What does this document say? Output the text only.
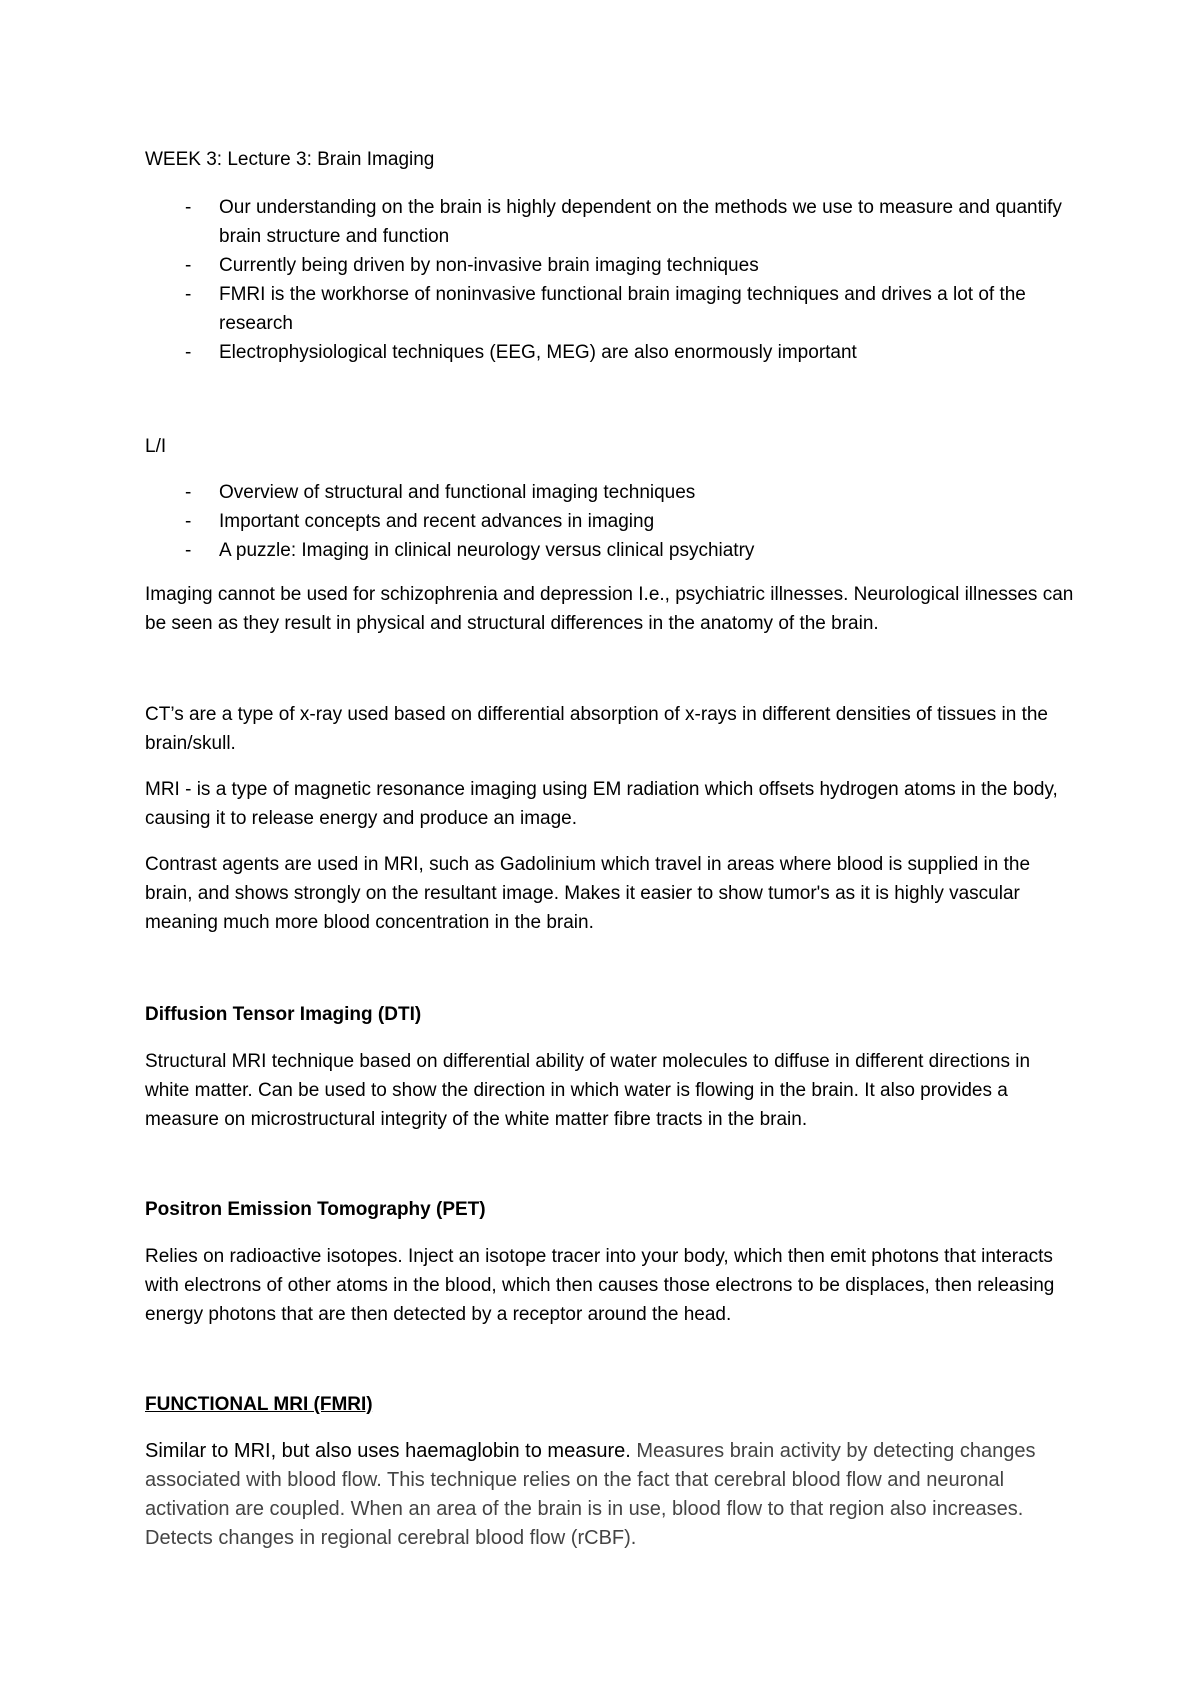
WEEK 3: Lecture 3: Brain Imaging
- Our understanding on the brain is highly dependent on the methods we use to measure and quantify brain structure and function
- Currently being driven by non-invasive brain imaging techniques
- FMRI is the workhorse of noninvasive functional brain imaging techniques and drives a lot of the research
- Electrophysiological techniques (EEG, MEG) are also enormously important
L/I
- Overview of structural and functional imaging techniques
- Important concepts and recent advances in imaging
- A puzzle: Imaging in clinical neurology versus clinical psychiatry
Imaging cannot be used for schizophrenia and depression I.e., psychiatric illnesses. Neurological illnesses can be seen as they result in physical and structural differences in the anatomy of the brain.
CT’s are a type of x-ray used based on differential absorption of x-rays in different densities of tissues in the brain/skull.
MRI - is a type of magnetic resonance imaging using EM radiation which offsets hydrogen atoms in the body, causing it to release energy and produce an image.
Contrast agents are used in MRI, such as Gadolinium which travel in areas where blood is supplied in the brain, and shows strongly on the resultant image. Makes it easier to show tumor's as it is highly vascular meaning much more blood concentration in the brain.
Diffusion Tensor Imaging (DTI)
Structural MRI technique based on differential ability of water molecules to diffuse in different directions in white matter. Can be used to show the direction in which water is flowing in the brain. It also provides a measure on microstructural integrity of the white matter fibre tracts in the brain.
Positron Emission Tomography (PET)
Relies on radioactive isotopes. Inject an isotope tracer into your body, which then emit photons that interacts with electrons of other atoms in the blood, which then causes those electrons to be displaces, then releasing energy photons that are then detected by a receptor around the head.
FUNCTIONAL MRI (FMRI)
Similar to MRI, but also uses haemaglobin to measure. Measures brain activity by detecting changes associated with blood flow. This technique relies on the fact that cerebral blood flow and neuronal activation are coupled. When an area of the brain is in use, blood flow to that region also increases. Detects changes in regional cerebral blood flow (rCBF).
